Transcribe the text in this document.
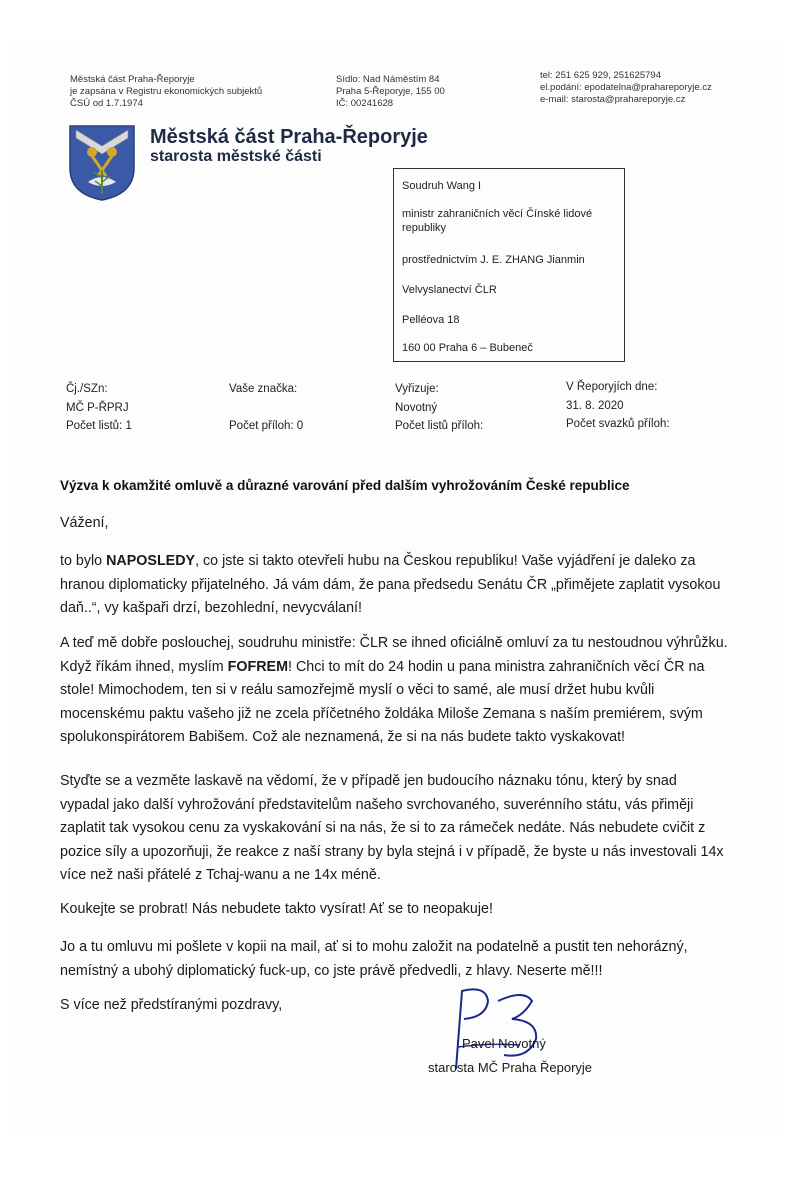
Městská část Praha-Řeporyje
je zapsána v Registru ekonomických subjektů
ČSÚ od 1.7.1974
Sídlo: Nad Náměstím 84
Praha 5-Řeporyje, 155 00
IČ: 00241628
tel: 251 625 929, 251625794
el.podání: epodatelna@prahareporyje.cz
e-mail: starosta@prahareporyje.cz
Městská část Praha-Řeporyje
starosta městské části
Soudruh Wang I
ministr zahraničních věcí Čínské lidové republiky
prostřednictvím J. E. ZHANG Jianmin
Velvyslanectví ČLR
Pelléova 18
160 00 Praha 6 – Bubeneč
Čj./SZn:
MČ P-ŘPRJ
Počet listů: 1
Vaše značka:
Počet příloh: 0
Vyřizuje:
Novotný
Počet listů příloh:
V Řeporyjích dne:
31. 8. 2020
Počet svazků příloh:
Výzva k okamžité omluvě a důrazné varování před dalším vyhrožováním České republice
Vážení,
to bylo NAPOSLEDY, co jste si takto otevřeli hubu na Českou republiku! Vaše vyjádření je daleko za hranou diplomaticky přijatelného. Já vám dám, že pana předsedu Senátu ČR „přiměјete zaplatit vysokou daň..“, vy kašpaři drzí, bezohlední, nevycválaní!
A teď mě dobře poslouchej, soudruhu ministře: ČLR se ihned oficiálně omluví za tu nestoudnou výhrůžku. Když říkám ihned, myslím FOFREM! Chci to mít do 24 hodin u pana ministra zahraničních věcí ČR na stole! Mimochodem, ten si v reálu samozřejmě myslí o věci to samé, ale musí držet hubu kvůli mocenskému paktu vašeho již ne zcela příčetného žoldáka Miloše Zemana s naším premiérem, svým spolukonspirátorem Babišem. Což ale neznamená, že si na nás budete takto vyskakovat!
Styďte se a vezměte laskavě na vědomí, že v případě jen budoucího náznaku tónu, který by snad vypadal jako další vyhrožování představitelům našeho svrchovaného, suverénního státu, vás přiměji zaplatit tak vysokou cenu za vyskakování si na nás, že si to za rámeček nedáte. Nás nebudete cvičit z pozice síly a upozorňuji, že reakce z naší strany by byla stejná i v případě, že byste u nás investovali 14x více než naši přátelé z Tchaj-wanu a ne 14x méně.
Koukejte se probrat! Nás nebudete takto vysírat! Ať se to neopakuje!
Jo a tu omluvu mi pošlete v kopii na mail, ať si to mohu založit na podatelně a pustit ten nehorázný, nemístný a ubohý diplomatický fuck-up, co jste právě předvedli, z hlavy. Neserte mě!!!
S více než předstíranými pozdravy,
Pavel Novotný
starosta MČ Praha Řeporyje
